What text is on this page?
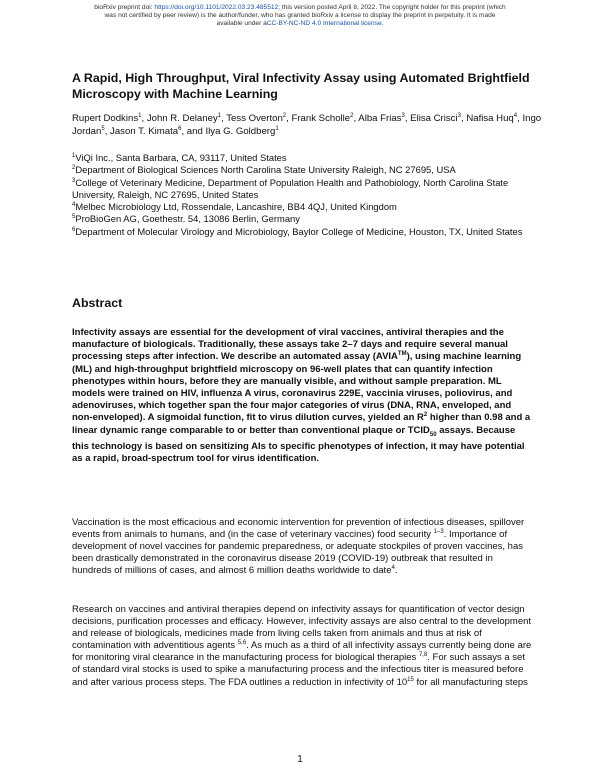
bioRxiv preprint doi: https://doi.org/10.1101/2022.03.23.485512; this version posted April 8, 2022. The copyright holder for this preprint (which
was not certified by peer review) is the author/funder, who has granted bioRxiv a license to display the preprint in perpetuity. It is made
available under aCC-BY-NC-ND 4.0 International license.
A Rapid, High Throughput, Viral Infectivity Assay using Automated Brightfield Microscopy with Machine Learning

Rupert Dodkins$^1$, John R. Delaney$^1$, Tess Overton$^2$, Frank Scholle$^2$, Alba Frias$^3$, Elisa Crisci$^3$, Nafisa Huq$^4$, Ingo Jordan$^5$, Jason T. Kimata$^6$, and Ilya G. Goldberg$^1$

$^1$ViQi Inc., Santa Barbara, CA, 93117, United States
$^2$Department of Biological Sciences North Carolina State University Raleigh, NC 27695, USA
$^3$College of Veterinary Medicine, Department of Population Health and Pathobiology, North Carolina State University, Raleigh, NC 27695, United States
$^4$Melbec Microbiology Ltd, Rossendale, Lancashire, BB4 4QJ, United Kingdom
$^5$ProBioGen AG, Goethestr. 54, 13086 Berlin, Germany
$^6$Department of Molecular Virology and Microbiology, Baylor College of Medicine, Houston, TX, United States
Abstract

Infectivity assays are essential for the development of viral vaccines, antiviral therapies and the manufacture of biologicals. Traditionally, these assays take 2–7 days and require several manual processing steps after infection. We describe an automated assay (AVIA™), using machine learning (ML) and high-throughput brightfield microscopy on 96-well plates that can quantify infection phenotypes within hours, before they are manually visible, and without sample preparation. ML models were trained on HIV, influenza A virus, coronavirus 229E, vaccinia viruses, poliovirus, and adenoviruses, which together span the four major categories of virus (DNA, RNA, enveloped, and non-enveloped). A sigmoidal function, fit to virus dilution curves, yielded an $R^2$ higher than 0.98 and a linear dynamic range comparable to or better than conventional plaque or $TCID_{50}$ assays. Because this technology is based on sensitizing AIs to specific phenotypes of infection, it may have potential as a rapid, broad-spectrum tool for virus identification.

Vaccination is the most efficacious and economic intervention for prevention of infectious diseases, spillover events from animals to humans, and (in the case of veterinary vaccines) food security $^{1-3}$. Importance of development of novel vaccines for pandemic preparedness, or adequate stockpiles of proven vaccines, has been drastically demonstrated in the coronavirus disease 2019 (COVID-19) outbreak that resulted in hundreds of millions of cases, and almost 6 million deaths worldwide to date$^4$.

Research on vaccines and antiviral therapies depend on infectivity assays for quantification of vector design decisions, purification processes and efficacy. However, infectivity assays are also central to the development and release of biologicals, medicines made from living cells taken from animals and thus at risk of contamination with adventitious agents $^{5,6}$. As much as a third of all infectivity assays currently being done are for monitoring viral clearance in the manufacturing process for biological therapies $^{7,8}$. For such assays a set of standard viral stocks is used to spike a manufacturing process and the infectious titer is measured before and after various process steps. The FDA outlines a reduction in infectivity of $10^{15}$ for all manufacturing steps

1
